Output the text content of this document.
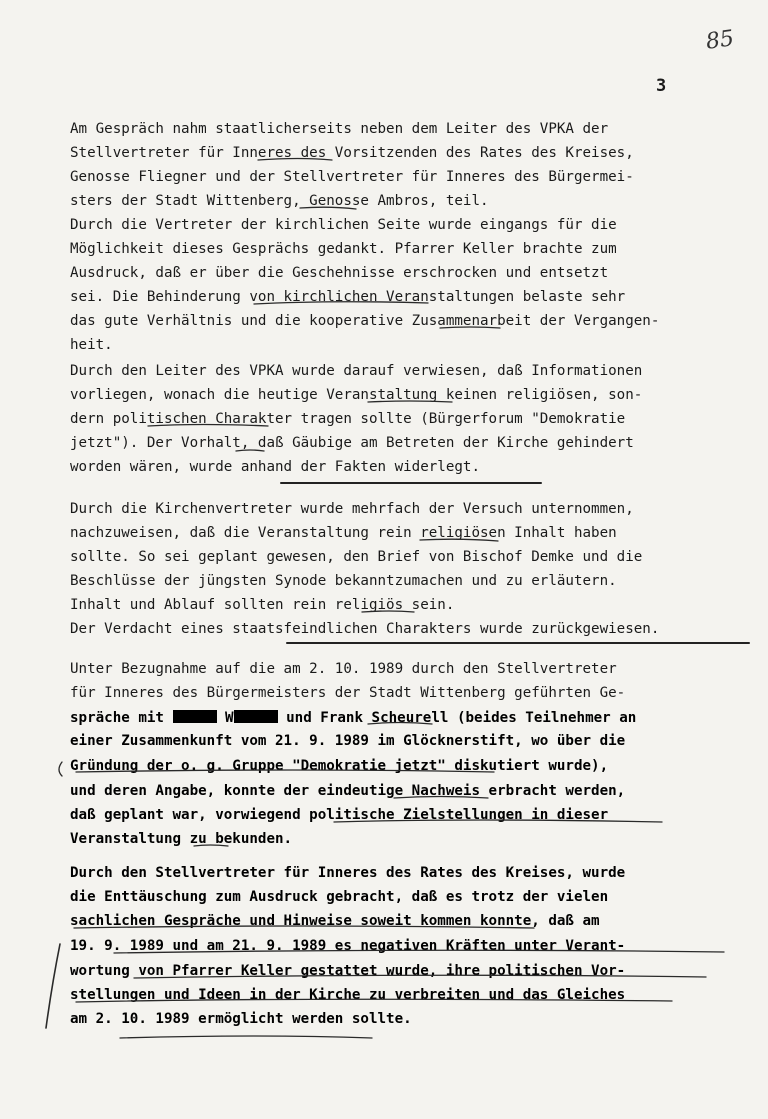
85
3
Am Gespräch nahm staatlicherseits neben dem Leiter des VPKA der
Stellvertreter für Inneres des Vorsitzenden des Rates des Kreises,
Genosse Fliegner und der Stellvertreter für Inneres des Bürgermei-
sters der Stadt Wittenberg, Genosse Ambros, teil.
Durch die Vertreter der kirchlichen Seite wurde eingangs für die
Möglichkeit dieses Gesprächs gedankt. Pfarrer Keller brachte zum
Ausdruck, daß er über die Geschehnisse erschrocken und entsetzt
sei. Die Behinderung von kirchlichen Veranstaltungen belaste sehr
das gute Verhältnis und die kooperative Zusammenarbeit der Vergangen-
heit.
Durch den Leiter des VPKA wurde darauf verwiesen, daß Informationen
vorliegen, wonach die heutige Veranstaltung keinen religiösen, son-
dern politischen Charakter tragen sollte (Bürgerforum "Demokratie
jetzt"). Der Vorhalt, daß Gäubige am Betreten der Kirche gehindert
worden wären, wurde anhand der Fakten widerlegt.
Durch die Kirchenvertreter wurde mehrfach der Versuch unternommen,
nachzuweisen, daß die Veranstaltung rein religiösen Inhalt haben
sollte. So sei geplant gewesen, den Brief von Bischof Demke und die
Beschlüsse der jüngsten Synode bekanntzumachen und zu erläutern.
Inhalt und Ablauf sollten rein religiös sein.
Der Verdacht eines staatsfeindlichen Charakters wurde zurückgewiesen.
Unter Bezugnahme auf die am 2. 10. 1989 durch den Stellvertreter
für Inneres des Bürgermeisters der Stadt Wittenberg geführten Ge-
spräche mit	W	und Frank Scheurell (beides Teilnehmer an
einer Zusammenkunft vom 21. 9. 1989 im Glöcknerstift, wo über die
Gründung der o. g. Gruppe "Demokratie jetzt" diskutiert wurde),
und deren Angabe, konnte der eindeutige Nachweis erbracht werden,
daß geplant war, vorwiegend politische Zielstellungen in dieser
Veranstaltung zu bekunden.
Durch den Stellvertreter für Inneres des Rates des Kreises, wurde
die Enttäuschung zum Ausdruck gebracht, daß es trotz der vielen
sachlichen Gespräche und Hinweise soweit kommen konnte, daß am
19. 9. 1989 und am 21. 9. 1989 es negativen Kräften unter Verant-
wortung von Pfarrer Keller gestattet wurde, ihre politischen Vor-
stellungen und Ideen in der Kirche zu verbreiten und das Gleiches
am 2. 10. 1989 ermöglicht werden sollte.
